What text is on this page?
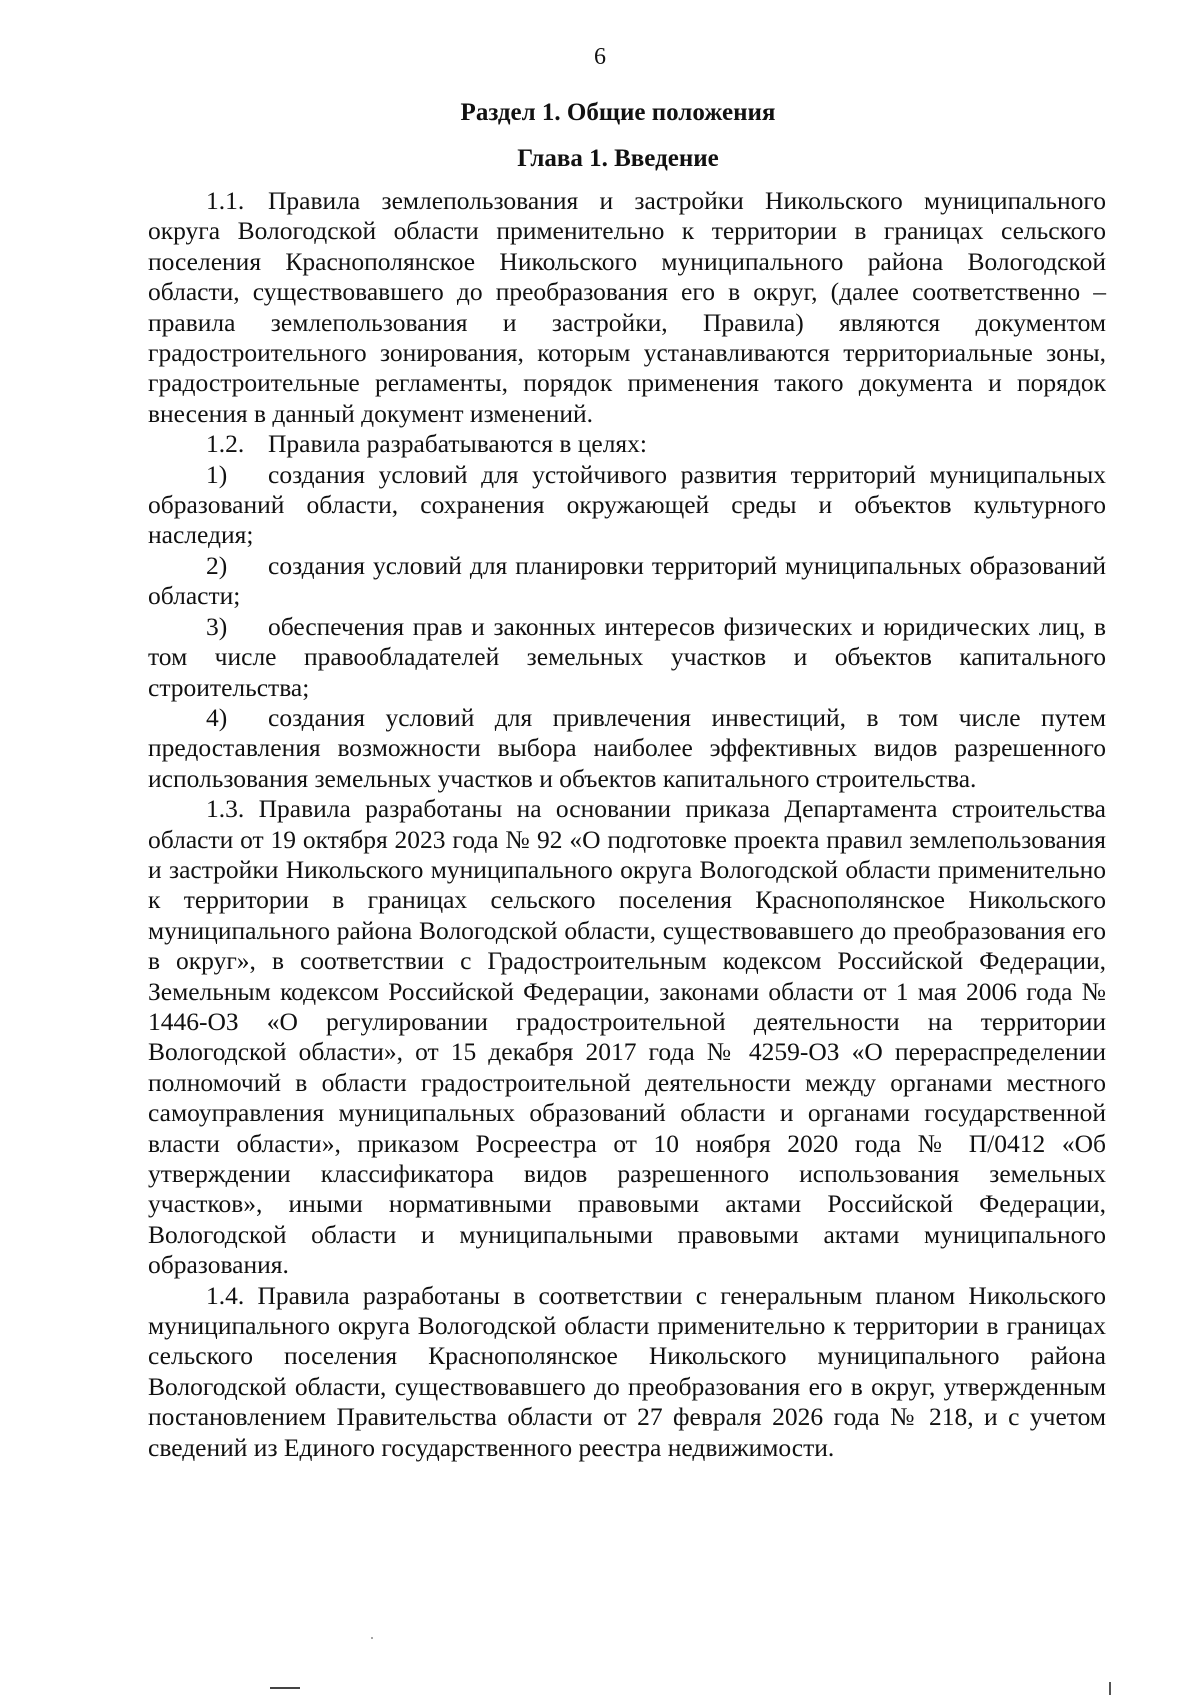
6
Раздел 1. Общие положения
Глава 1. Введение

1.1. Правила землепользования и застройки Никольского муниципального округа Вологодской области применительно к территории в границах сельского поселения Краснополянское Никольского муниципального района Вологодской области, существовавшего до преобразования его в округ, (далее соответственно – правила землепользования и застройки, Правила) являются документом градостроительного зонирования, которым устанавливаются территориальные зоны, градостроительные регламенты, порядок применения такого документа и порядок внесения в данный документ изменений.

1.2. Правила разрабатываются в целях:

1) создания условий для устойчивого развития территорий муниципальных образований области, сохранения окружающей среды и объектов культурного наследия;

2) создания условий для планировки территорий муниципальных образований области;

3) обеспечения прав и законных интересов физических и юридических лиц, в том числе правообладателей земельных участков и объектов капитального строительства;

4) создания условий для привлечения инвестиций, в том числе путем предоставления возможности выбора наиболее эффективных видов разрешенного использования земельных участков и объектов капитального строительства.

1.3. Правила разработаны на основании приказа Департамента строительства области от 19 октября 2023 года № 92 «О подготовке проекта правил землепользования и застройки Никольского муниципального округа Вологодской области применительно к территории в границах сельского поселения Краснополянское Никольского муниципального района Вологодской области, существовавшего до преобразования его в округ», в соответствии с Градостроительным кодексом Российской Федерации, Земельным кодексом Российской Федерации, законами области от 1 мая 2006 года № 1446-ОЗ «О регулировании градостроительной деятельности на территории Вологодской области», от 15 декабря 2017 года № 4259-ОЗ «О перераспределении полномочий в области градостроительной деятельности между органами местного самоуправления муниципальных образований области и органами государственной власти области», приказом Росреестра от 10 ноября 2020 года № П/0412 «Об утверждении классификатора видов разрешенного использования земельных участков», иными нормативными правовыми актами Российской Федерации, Вологодской области и муниципальными правовыми актами муниципального образования.

1.4. Правила разработаны в соответствии с генеральным планом Никольского муниципального округа Вологодской области применительно к территории в границах сельского поселения Краснополянское Никольского муниципального района Вологодской области, существовавшего до преобразования его в округ, утвержденным постановлением Правительства области от 27 февраля 2026 года № 218, и с учетом сведений из Единого государственного реестра недвижимости.
